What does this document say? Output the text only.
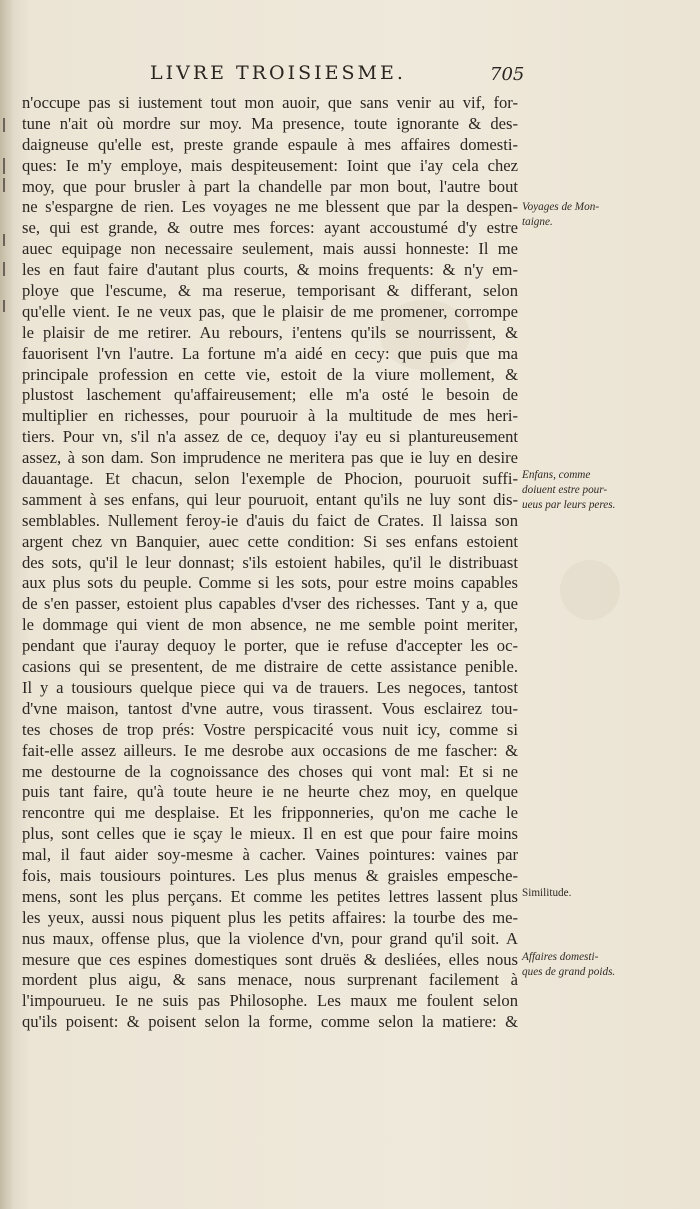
LIVRE TROISIESME.	705
n'occupe pas si iustement tout mon auoir, que sans venir au vif, for-
tune n'ait où mordre sur moy. Ma presence, toute ignorante & des-
daigneuse qu'elle est, preste grande espaule à mes affaires domesti-
ques: Ie m'y employe, mais despiteusement: Ioint que i'ay cela chez
moy, que pour brusler à part la chandelle par mon bout, l'autre bout
ne s'espargne de rien. Les voyages ne me blessent que par la despen-
se, qui est grande, & outre mes forces: ayant accoustumé d'y estre
auec equipage non necessaire seulement, mais aussi honneste: Il me
les en faut faire d'autant plus courts, & moins frequents: & n'y em-
ploye que l'escume, & ma reserue, temporisant & differant, selon
qu'elle vient. Ie ne veux pas, que le plaisir de me promener, corrompe
le plaisir de me retirer. Au rebours, i'entens qu'ils se nourrissent, &
fauorisent l'vn l'autre. La fortune m'a aidé en cecy: que puis que ma
principale profession en cette vie, estoit de la viure mollement, &
plustost laschement qu'affaireusement; elle m'a osté le besoin de
multiplier en richesses, pour pouruoir à la multitude de mes heri-
tiers. Pour vn, s'il n'a assez de ce, dequoy i'ay eu si plantureusement
assez, à son dam. Son imprudence ne meritera pas que ie luy en desire
dauantage. Et chacun, selon l'exemple de Phocion, pouruoit suffi-
samment à ses enfans, qui leur pouruoit, entant qu'ils ne luy sont dis-
semblables. Nullement feroy-ie d'auis du faict de Crates. Il laissa son
argent chez vn Banquier, auec cette condition: Si ses enfans estoient
des sots, qu'il le leur donnast; s'ils estoient habiles, qu'il le distribuast
aux plus sots du peuple. Comme si les sots, pour estre moins capables
de s'en passer, estoient plus capables d'vser des richesses. Tant y a, que
le dommage qui vient de mon absence, ne me semble point meriter,
pendant que i'auray dequoy le porter, que ie refuse d'accepter les oc-
casions qui se presentent, de me distraire de cette assistance penible.
Il y a tousiours quelque piece qui va de trauers. Les negoces, tantost
d'vne maison, tantost d'vne autre, vous tirassent. Vous esclairez tou-
tes choses de trop prés: Vostre perspicacité vous nuit icy, comme si
fait-elle assez ailleurs. Ie me desrobe aux occasions de me fascher: &
me destourne de la cognoissance des choses qui vont mal: Et si ne
puis tant faire, qu'à toute heure ie ne heurte chez moy, en quelque
rencontre qui me desplaise. Et les fripponneries, qu'on me cache le
plus, sont celles que ie sçay le mieux. Il en est que pour faire moins
mal, il faut aider soy-mesme à cacher. Vaines pointures: vaines par
fois, mais tousiours pointures. Les plus menus & graisles empesche-
mens, sont les plus perçans. Et comme les petites lettres lassent plus
les yeux, aussi nous piquent plus les petits affaires: la tourbe des me-
nus maux, offense plus, que la violence d'vn, pour grand qu'il soit. A
mesure que ces espines domestiques sont druës & desliées, elles nous
mordent plus aigu, & sans menace, nous surprenant facilement à
l'impourueu. Ie ne suis pas Philosophe. Les maux me foulent selon
qu'ils poisent: & poisent selon la forme, comme selon la matiere: &
Voyages de Mon-
taigne.
Enfans, comme
doiuent estre pour-
ueus par leurs peres.
Similitude.
Affaires domesti-
ques de grand poids.
